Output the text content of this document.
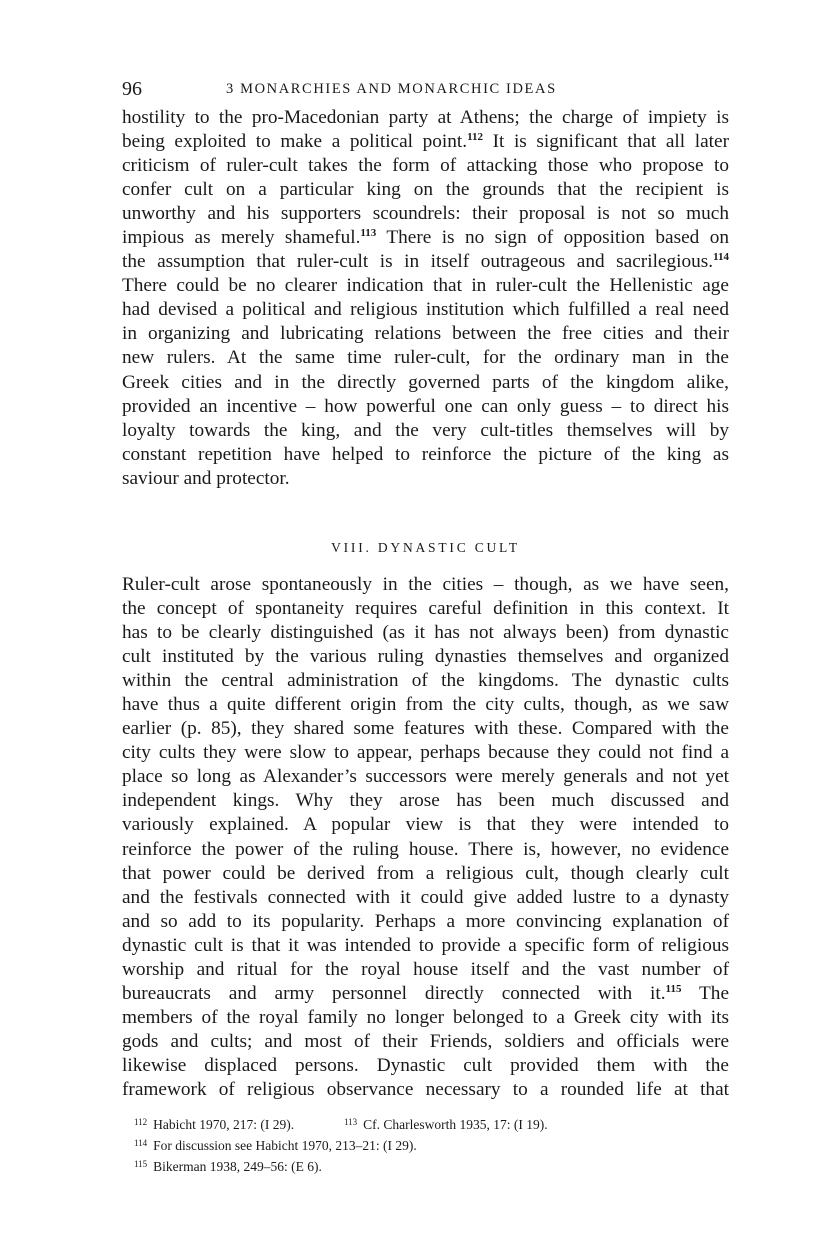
96	3 MONARCHIES AND MONARCHIC IDEAS
hostility to the pro-Macedonian party at Athens; the charge of impiety is
being exploited to make a political point.$^{112}$ It is significant that all later
criticism of ruler-cult takes the form of attacking those who propose to
confer cult on a particular king on the grounds that the recipient is
unworthy and his supporters scoundrels: their proposal is not so much
impious as merely shameful.$^{113}$ There is no sign of opposition based on
the assumption that ruler-cult is in itself outrageous and sacrilegious.$^{114}$
There could be no clearer indication that in ruler-cult the Hellenistic age
had devised a political and religious institution which fulfilled a real need
in organizing and lubricating relations between the free cities and their
new rulers. At the same time ruler-cult, for the ordinary man in the
Greek cities and in the directly governed parts of the kingdom alike,
provided an incentive – how powerful one can only guess – to direct his
loyalty towards the king, and the very cult-titles themselves will by
constant repetition have helped to reinforce the picture of the king as
saviour and protector.
VIII. DYNASTIC CULT
Ruler-cult arose spontaneously in the cities – though, as we have seen,
the concept of spontaneity requires careful definition in this context. It
has to be clearly distinguished (as it has not always been) from dynastic
cult instituted by the various ruling dynasties themselves and organized
within the central administration of the kingdoms. The dynastic cults
have thus a quite different origin from the city cults, though, as we saw
earlier (p. 85), they shared some features with these. Compared with the
city cults they were slow to appear, perhaps because they could not find a
place so long as Alexander’s successors were merely generals and not yet
independent kings. Why they arose has been much discussed and
variously explained. A popular view is that they were intended to
reinforce the power of the ruling house. There is, however, no evidence
that power could be derived from a religious cult, though clearly cult
and the festivals connected with it could give added lustre to a dynasty
and so add to its popularity. Perhaps a more convincing explanation of
dynastic cult is that it was intended to provide a specific form of religious
worship and ritual for the royal house itself and the vast number of
bureaucrats and army personnel directly connected with it.$^{115}$ The
members of the royal family no longer belonged to a Greek city with its
gods and cults; and most of their Friends, soldiers and officials were
likewise displaced persons. Dynastic cult provided them with the
framework of religious observance necessary to a rounded life at that
$^{112}$ Habicht 1970, 217: (I 29).	$^{113}$ Cf. Charlesworth 1935, 17: (I 19).
$^{114}$ For discussion see Habicht 1970, 213–21: (I 29).
$^{115}$ Bikerman 1938, 249–56: (E 6).
